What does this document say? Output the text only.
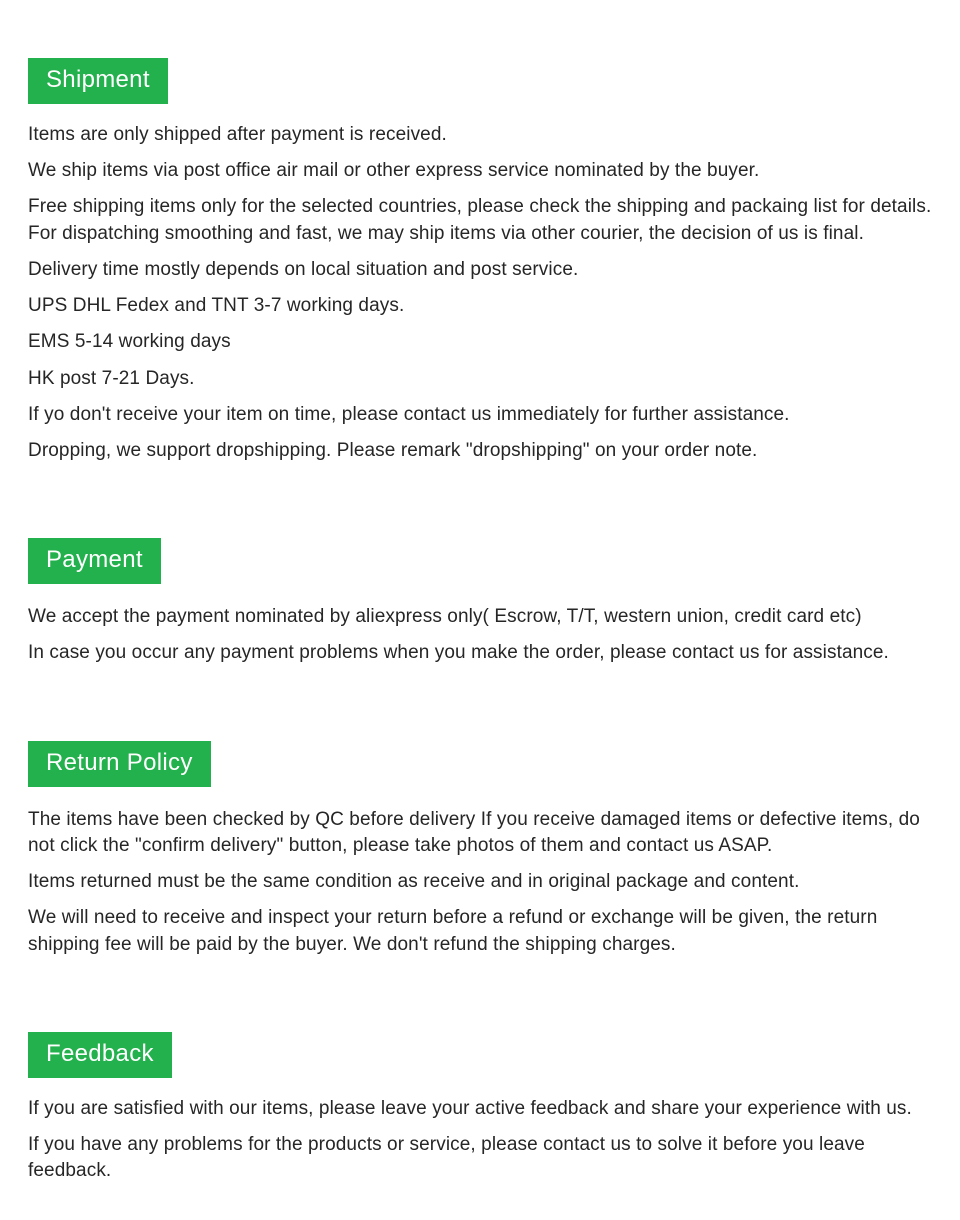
Shipment

Items are only shipped after payment is received.

We ship items via post office air mail or other express service nominated by the buyer.

Free shipping items only for the selected countries, please check the shipping and packaing list for details. For dispatching smoothing and fast, we may ship items via other courier, the decision of us is final.

Delivery time mostly depends on local situation and post service.

UPS DHL Fedex and TNT 3-7 working days.

EMS 5-14 working days

HK post 7-21 Days.

If yo don't receive your item on time, please contact us immediately for further assistance.

Dropping, we support dropshipping. Please remark "dropshipping" on your order note.

Payment

We accept the payment nominated by aliexpress only( Escrow, T/T, western union, credit card etc)

In case you occur any payment problems when you make the order, please contact us for assistance.

Return Policy

The items have been checked by QC before delivery If you receive damaged items or defective items, do not click the "confirm delivery" button, please take photos of them and contact us ASAP.

Items returned must be the same condition as receive and in original package and content.

We will need to receive and inspect your return before a refund or exchange will be given, the return shipping fee will be paid by the buyer. We don't refund the shipping charges.

Feedback

If you are satisfied with our items, please leave your active feedback and share your experience with us.

If you have any problems for the products or service, please contact us to solve it before you leave feedback.
